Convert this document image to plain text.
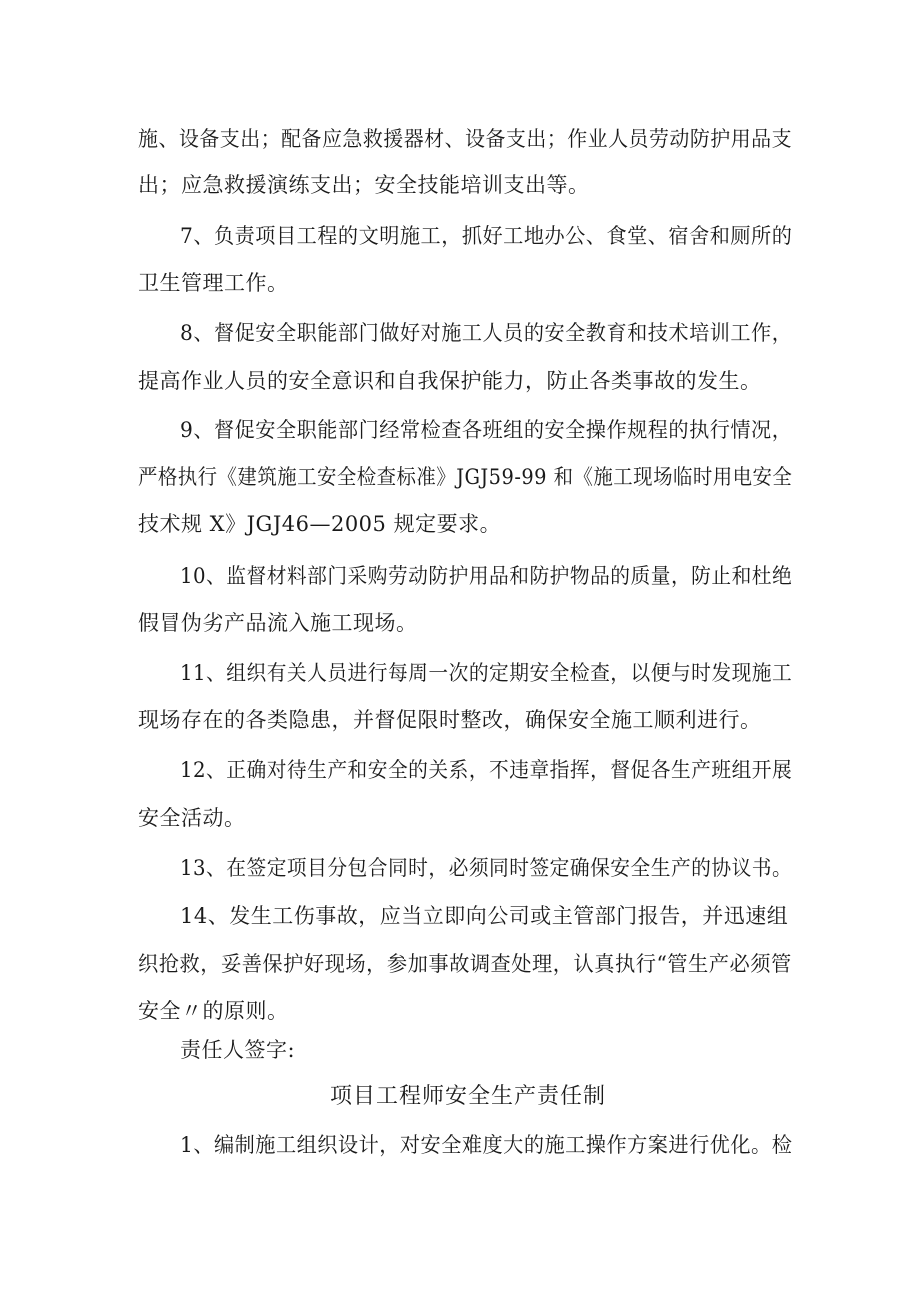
施、设备支出；配备应急救援器材、设备支出；作业人员劳动防护用品支
出；应急救援演练支出；安全技能培训支出等。
7、负责项目工程的文明施工，抓好工地办公、食堂、宿舍和厕所的
卫生管理工作。
8、督促安全职能部门做好对施工人员的安全教育和技术培训工作，
提高作业人员的安全意识和自我保护能力，防止各类事故的发生。
9、督促安全职能部门经常检查各班组的安全操作规程的执行情况，
严格执行《建筑施工安全检查标准》JGJ59-99 和《施工现场临时用电安全
技术规 X》JGJ46—2005 规定要求。
10、监督材料部门采购劳动防护用品和防护物品的质量，防止和杜绝
假冒伪劣产品流入施工现场。
11、组织有关人员进行每周一次的定期安全检查，以便与时发现施工
现场存在的各类隐患，并督促限时整改，确保安全施工顺利进行。
12、正确对待生产和安全的关系，不违章指挥，督促各生产班组开展
安全活动。
13、在签定项目分包合同时，必须同时签定确保安全生产的协议书。
14、发生工伤事故，应当立即向公司或主管部门报告，并迅速组
织抢救，妥善保护好现场，参加事故调查处理，认真执行“管生产必须管
安全〃的原则。
责任人签字:
项目工程师安全生产责任制
1、编制施工组织设计，对安全难度大的施工操作方案进行优化。检
